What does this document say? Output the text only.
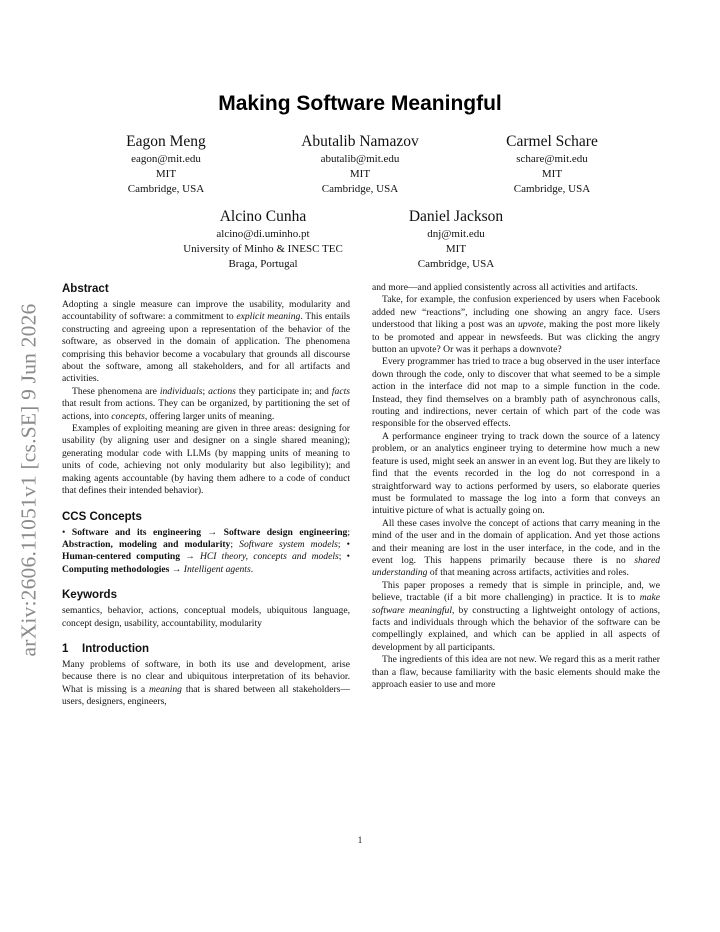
Making Software Meaningful
Eagon Meng
eagon@mit.edu
MIT
Cambridge, USA
Abutalib Namazov
abutalib@mit.edu
MIT
Cambridge, USA
Carmel Schare
schare@mit.edu
MIT
Cambridge, USA
Alcino Cunha
alcino@di.uminho.pt
University of Minho & INESC TEC
Braga, Portugal
Daniel Jackson
dnj@mit.edu
MIT
Cambridge, USA
arXiv:2606.11051v1 [cs.SE] 9 Jun 2026
Abstract

Adopting a single measure can improve the usability, modularity and accountability of software: a commitment to explicit meaning. This entails constructing and agreeing upon a representation of the behavior of the software, as observed in the domain of application. The phenomena comprising this behavior become a vocabulary that grounds all discourse about the software, among all stakeholders, and for all artifacts and activities.

These phenomena are individuals; actions they participate in; and facts that result from actions. They can be organized, by partitioning the set of actions, into concepts, offering larger units of meaning.

Examples of exploiting meaning are given in three areas: designing for usability (by aligning user and designer on a single shared meaning); generating modular code with LLMs (by mapping units of meaning to units of code, achieving not only modularity but also legibility); and making agents accountable (by having them adhere to a code of conduct that defines their intended behavior).

CCS Concepts

• Software and its engineering → Software design engineering; Abstraction, modeling and modularity; Software system models; • Human-centered computing → HCI theory, concepts and models; • Computing methodologies → Intelligent agents.

Keywords

semantics, behavior, actions, conceptual models, ubiquitous language, concept design, usability, accountability, modularity

1 Introduction

Many problems of software, in both its use and development, arise because there is no clear and ubiquitous interpretation of its behavior. What is missing is a meaning that is shared between all stakeholders—users, designers, engineers,

and more—and applied consistently across all activities and artifacts.

Take, for example, the confusion experienced by users when Facebook added new “reactions”, including one showing an angry face. Users understood that liking a post was an upvote, making the post more likely to be promoted and appear in newsfeeds. But was clicking the angry button an upvote? Or was it perhaps a downvote?

Every programmer has tried to trace a bug observed in the user interface down through the code, only to discover that what seemed to be a simple action in the interface did not map to a simple function in the code. Instead, they find themselves on a brambly path of asynchronous calls, routing and indirections, never certain of which part of the code was responsible for the observed effects.

A performance engineer trying to track down the source of a latency problem, or an analytics engineer trying to determine how much a new feature is used, might seek an answer in an event log. But they are likely to find that the events recorded in the log do not correspond in a straightforward way to actions performed by users, so elaborate queries must be formulated to massage the log into a form that conveys an intuitive picture of what is actually going on.

All these cases involve the concept of actions that carry meaning in the mind of the user and in the domain of application. And yet those actions and their meaning are lost in the user interface, in the code, and in the event log. This happens primarily because there is no shared understanding of that meaning across artifacts, activities and roles.

This paper proposes a remedy that is simple in principle, and, we believe, tractable (if a bit more challenging) in practice. It is to make software meaningful, by constructing a lightweight ontology of actions, facts and individuals through which the behavior of the software can be compellingly explained, and which can be applied in all aspects of development by all participants.

The ingredients of this idea are not new. We regard this as a merit rather than a flaw, because familiarity with the basic elements should make the approach easier to use and more

1
